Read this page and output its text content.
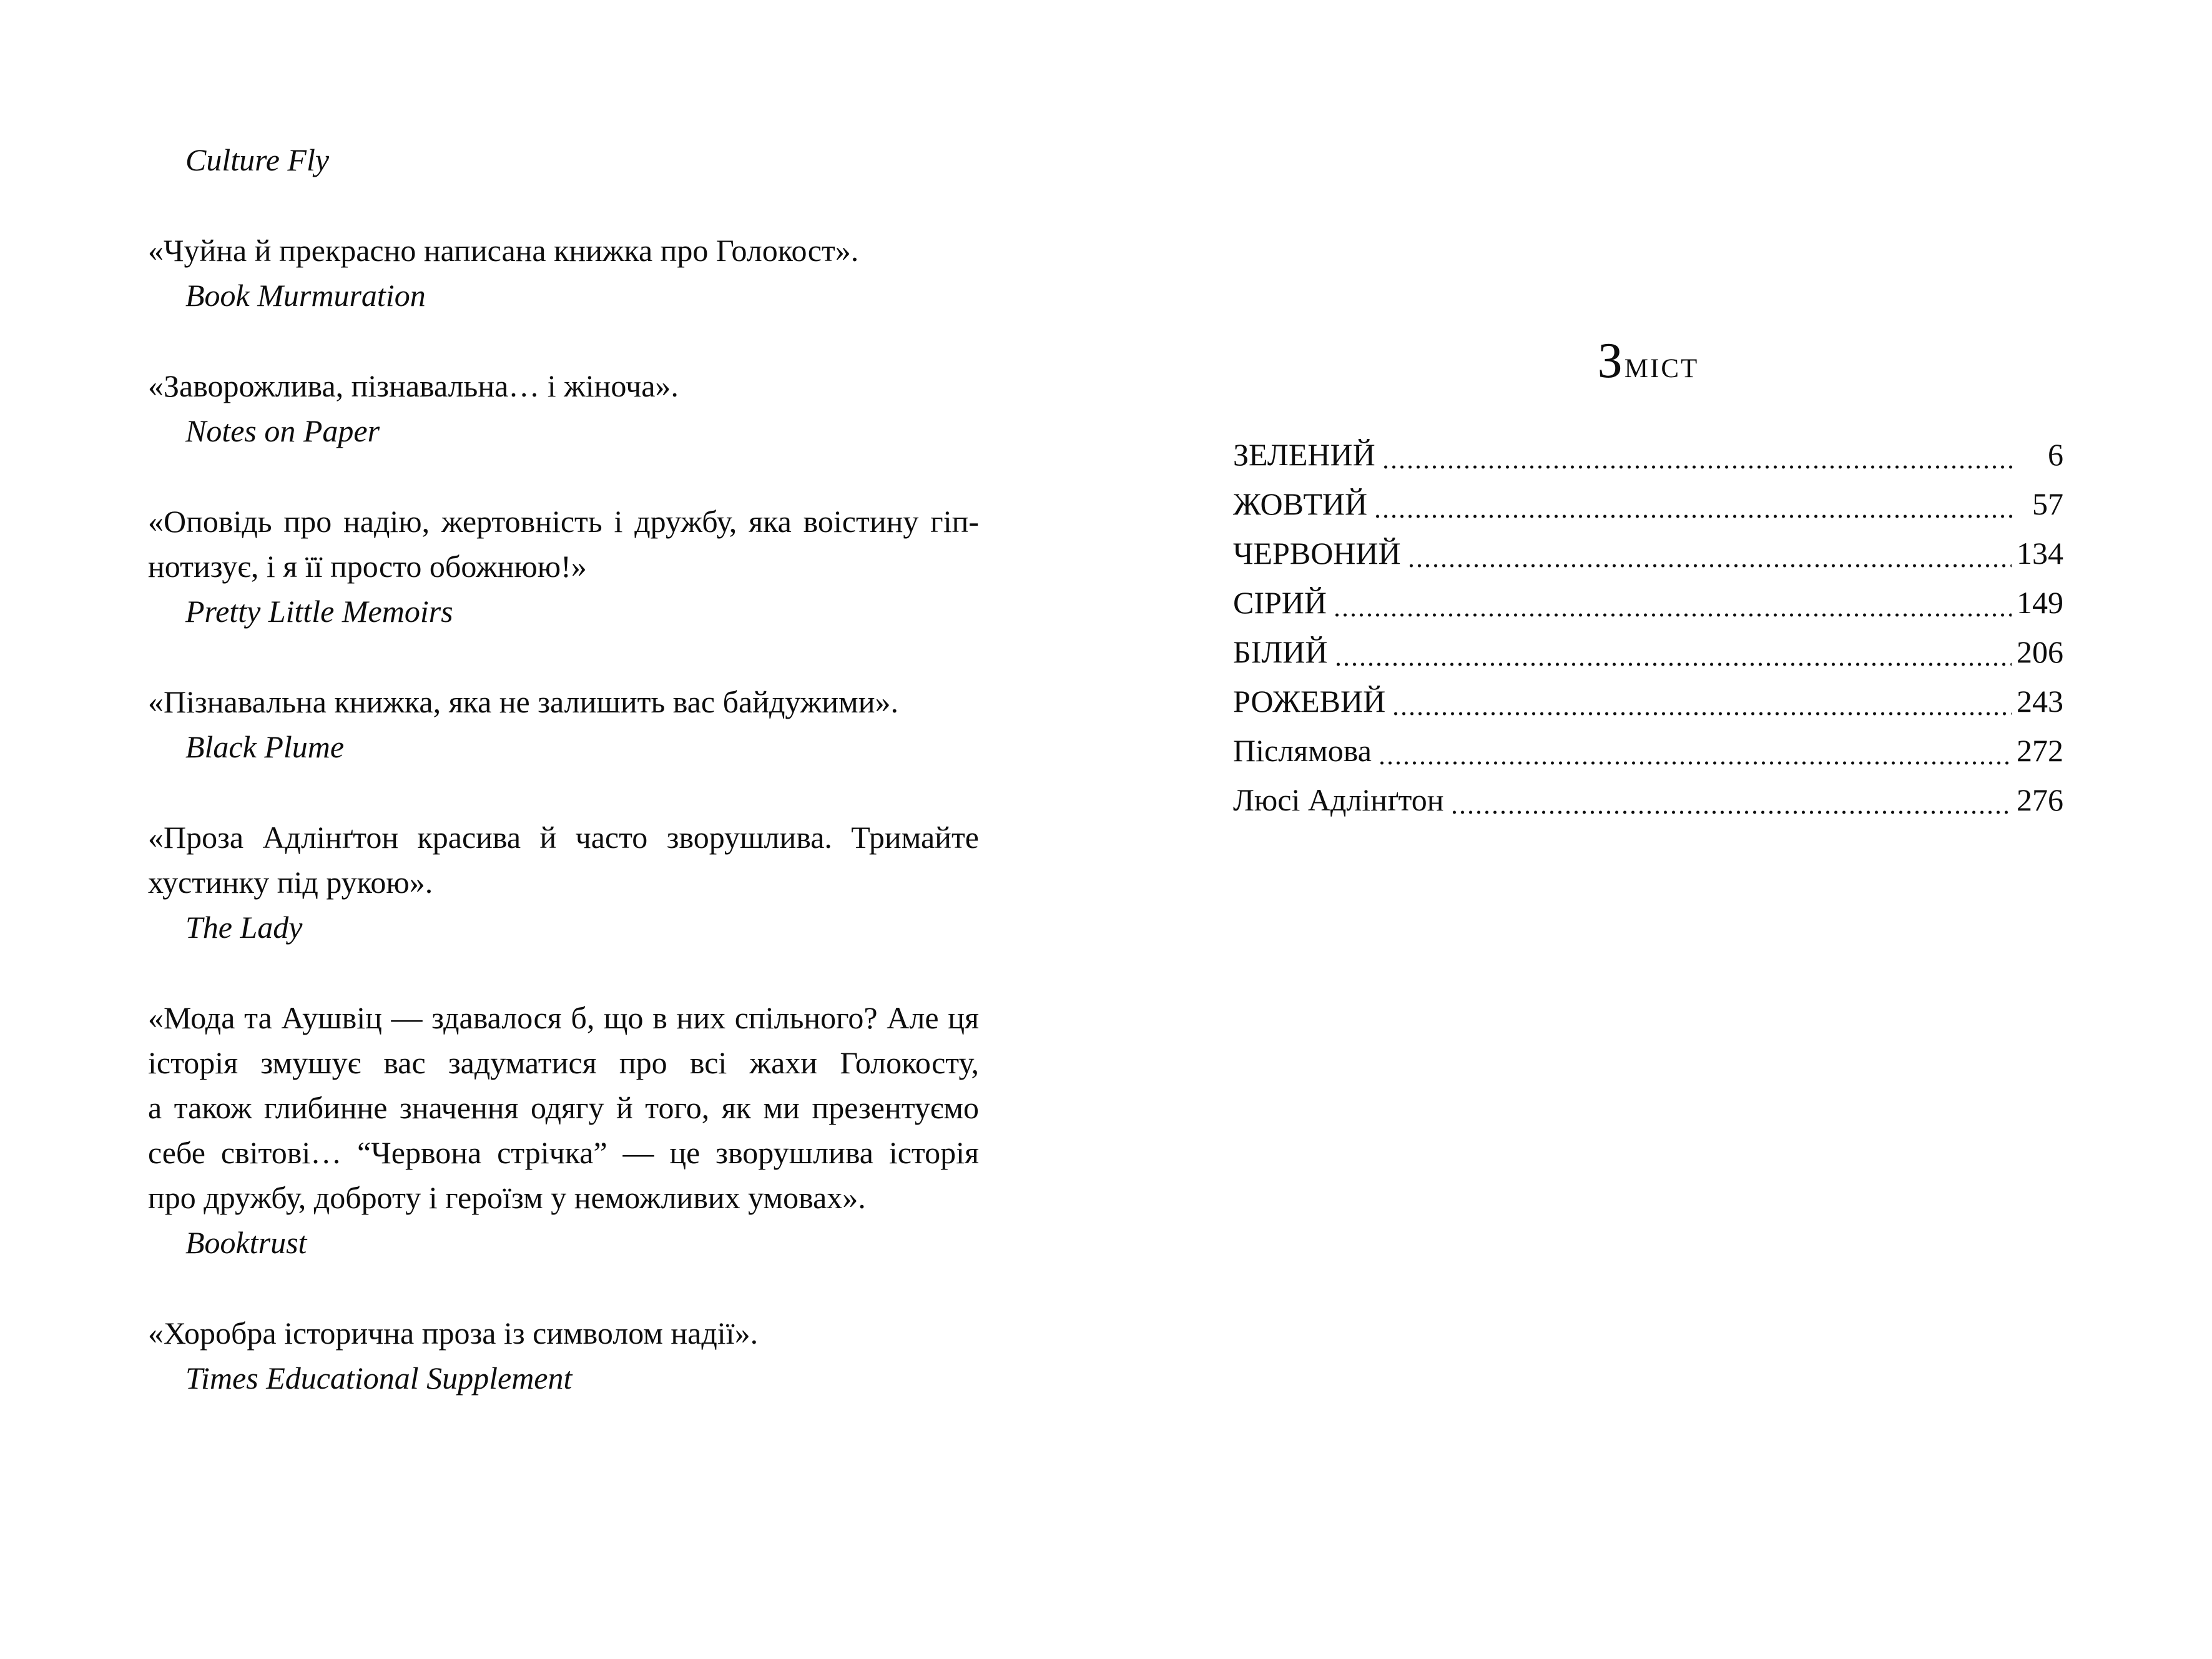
Culture Fly
«Чуйна й прекрасно написана книжка про Голокост».
Book Murmuration
«Заворожлива, пізнавальна… і жіноча».
Notes on Paper
«Оповідь про надію, жертовність і дружбу, яка воістину гіп-
нотизує, і я її просто обожнюю!»
Pretty Little Memoirs
«Пізнавальна книжка, яка не залишить вас байдужими».
Black Plume
«Проза Адлінґтон красива й часто зворушлива. Тримайте
хустинку під рукою».
The Lady
«Мода та Аушвіц — здавалося б, що в них спільного? Але ця
історія змушує вас задуматися про всі жахи Голокосту,
а також глибинне значення одягу й того, як ми презентуємо
себе світові… “Червона стрічка” — це зворушлива історія
про дружбу, доброту і героїзм у неможливих умовах».
Booktrust
«Хоробра історична проза із символом надії».
Times Educational Supplement
Зміст
ЗЕЛЕНИЙ	6
ЖОВТИЙ	57
ЧЕРВОНИЙ	134
СІРИЙ	149
БІЛИЙ	206
РОЖЕВИЙ	243
Післямова	272
Люсі Адлінґтон	276
